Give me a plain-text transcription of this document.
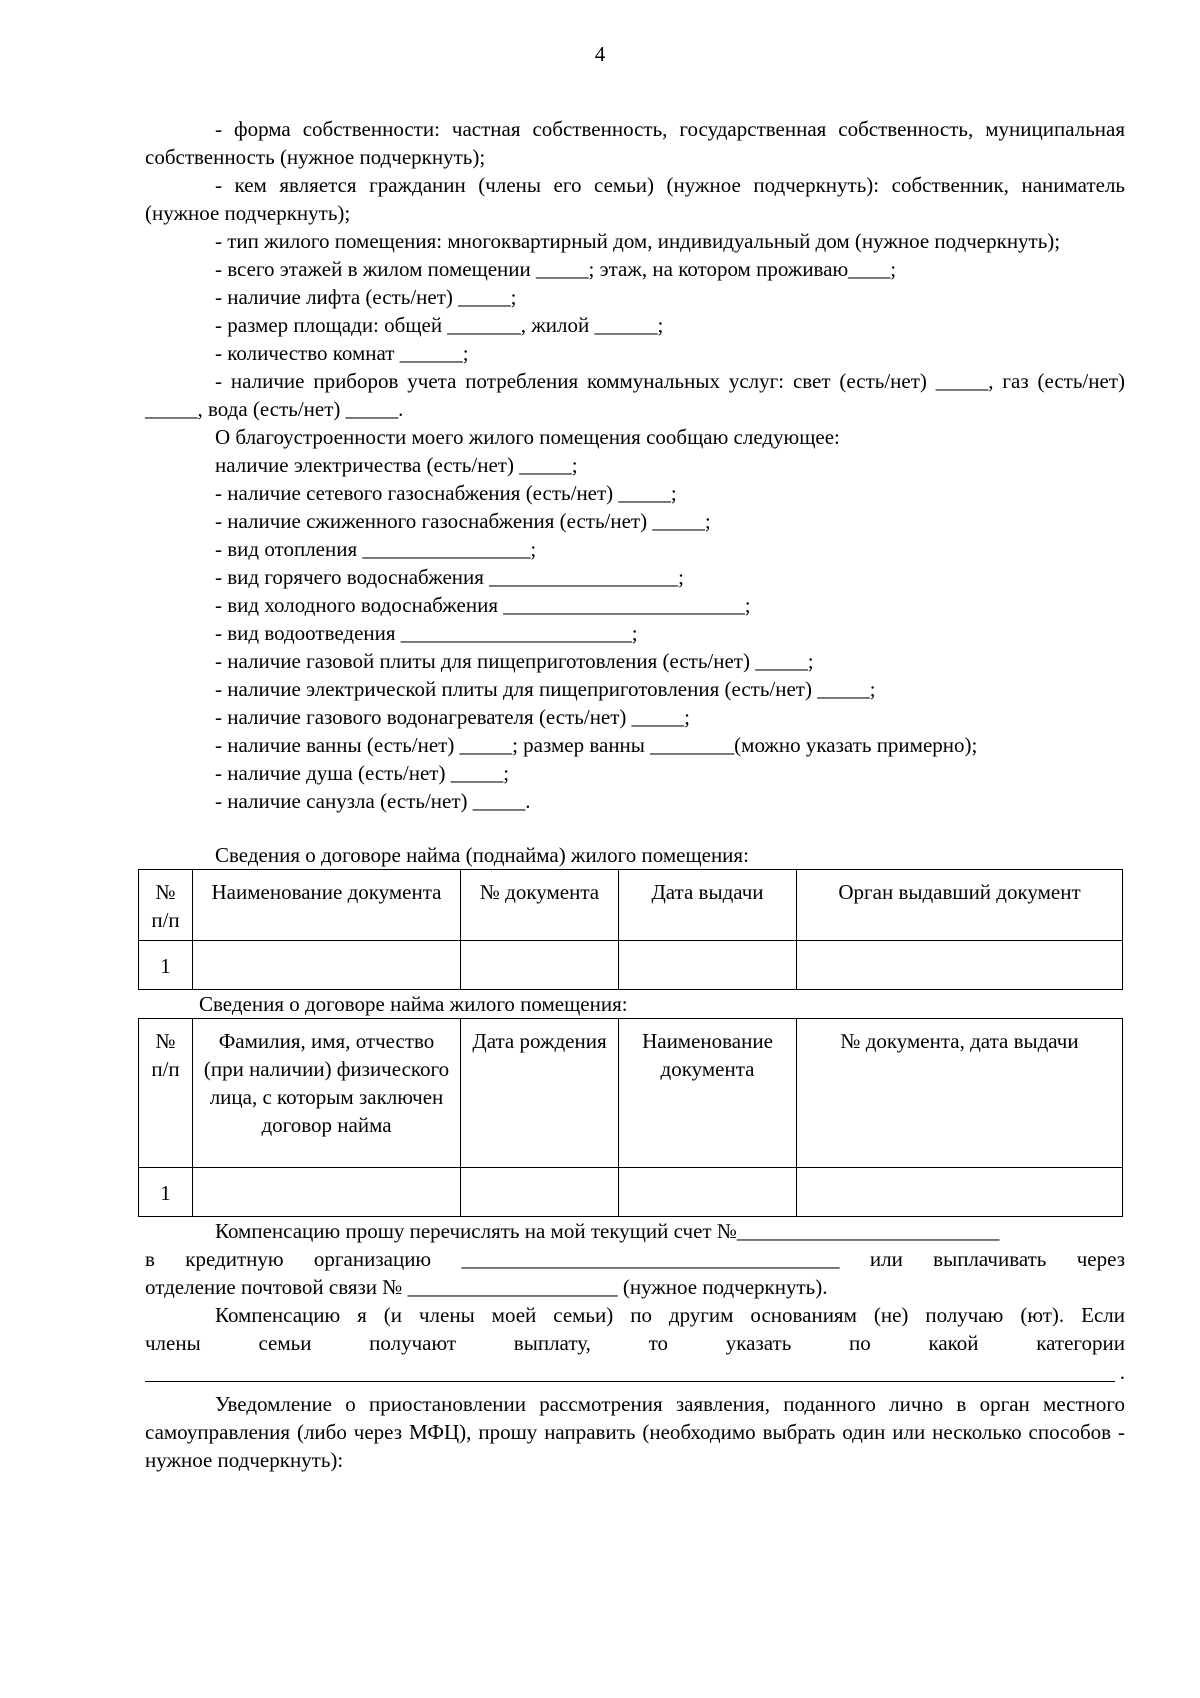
4

- форма собственности: частная собственность, государственная собственность, муниципальная собственность (нужное подчеркнуть);

- кем является гражданин (члены его семьи) (нужное подчеркнуть): собственник, наниматель (нужное подчеркнуть);

- тип жилого помещения: многоквартирный дом, индивидуальный дом (нужное подчеркнуть);

- всего этажей в жилом помещении _____; этаж, на котором проживаю____;

- наличие лифта (есть/нет) _____;

- размер площади: общей _______, жилой ______;

- количество комнат ______;

- наличие приборов учета потребления коммунальных услуг: свет (есть/нет) _____, газ (есть/нет) _____, вода (есть/нет) _____.

О благоустроенности моего жилого помещения сообщаю следующее:

наличие электричества (есть/нет) _____;

- наличие сетевого газоснабжения (есть/нет) _____;

- наличие сжиженного газоснабжения (есть/нет) _____;

- вид отопления ________________;

- вид горячего водоснабжения __________________;

- вид холодного водоснабжения _______________________;

- вид водоотведения ______________________;

- наличие газовой плиты для пищеприготовления (есть/нет) _____;

- наличие электрической плиты для пищеприготовления (есть/нет) _____;

- наличие газового водонагревателя (есть/нет) _____;

- наличие ванны (есть/нет) _____; размер ванны ________(можно указать примерно);

- наличие душа (есть/нет) _____;

- наличие санузла (есть/нет) _____.

Сведения о договоре найма (поднайма) жилого помещения:

№ п/п	Наименование документа	№ документа	Дата выдачи	Орган выдавший документ
1				

Сведения о договоре найма жилого помещения:

№ п/п	Фамилия, имя, отчество (при наличии) физического лица, с которым заключен договор найма	Дата рождения	Наименование документа	№ документа, дата выдачи
1				

Компенсацию прошу перечислять на мой текущий счет №_________________________

в кредитную организацию ____________________________________ или выплачивать через

отделение почтовой связи № ____________________ (нужное подчеркнуть).

Компенсацию я (и члены моей семьи) по другим основаниям (не) получаю (ют). Если

члены семьи получают выплату, то указать по какой категории

.

Уведомление о приостановлении рассмотрения заявления, поданного лично в орган местного самоуправления (либо через МФЦ), прошу направить (необходимо выбрать один или несколько способов - нужное подчеркнуть):
